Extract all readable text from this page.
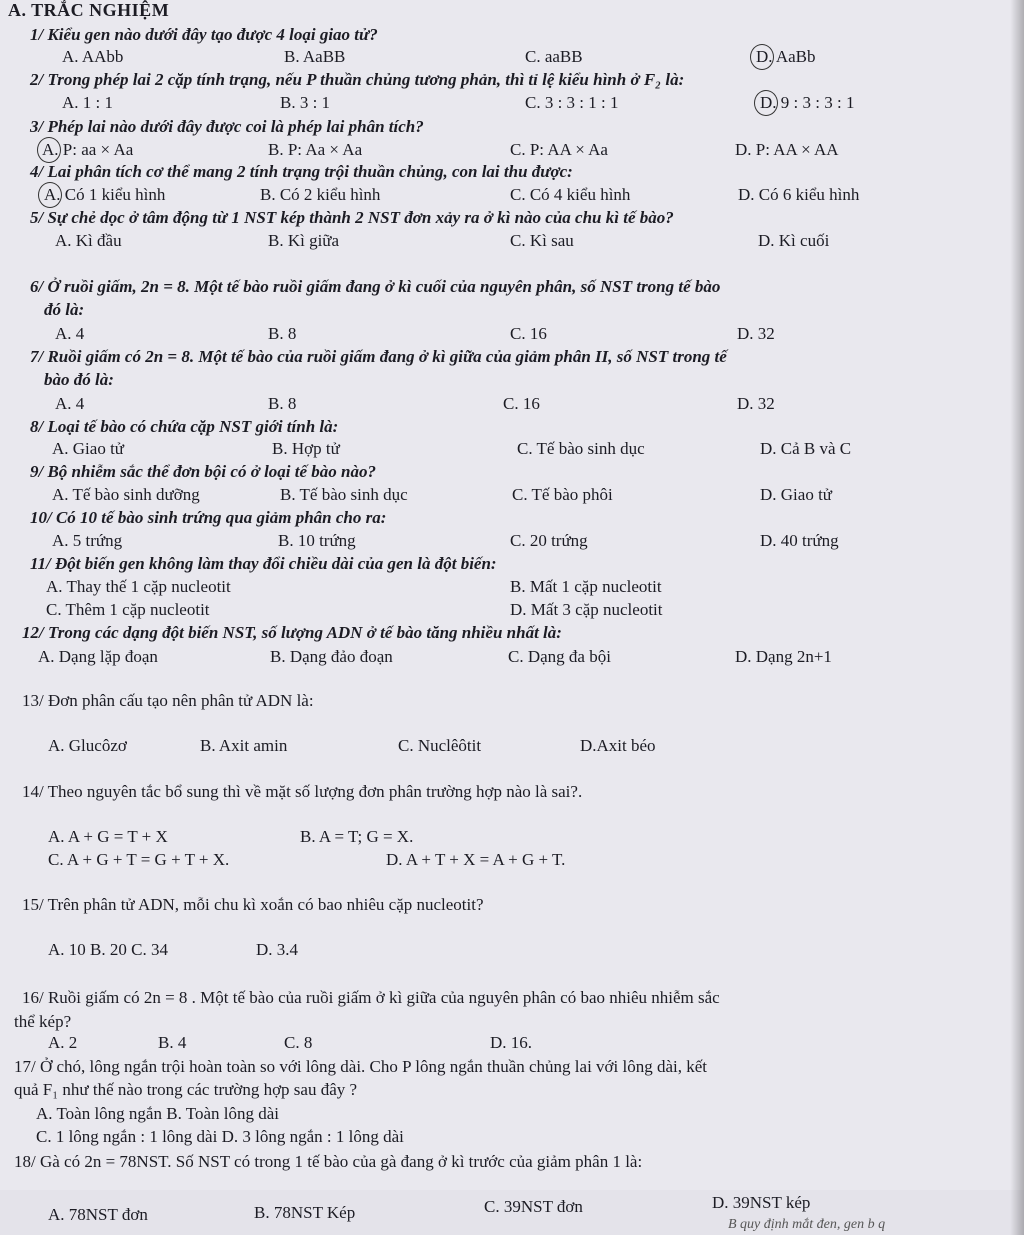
A. TRẮC NGHIỆM
1/ Kiểu gen nào dưới đây tạo được 4 loại giao tử?
A. AAbb	B. AaBB	C. aaBB	D. AaBb
2/ Trong phép lai 2 cặp tính trạng, nếu P thuần chủng tương phản, thì tỉ lệ kiểu hình ở F₂ là:
A. 1 : 1	B. 3 : 1	C. 3 : 3 : 1 : 1	D. 9 : 3 : 3 : 1
3/ Phép lai nào dưới đây được coi là phép lai phân tích?
A. P: aa × Aa	B. P: Aa × Aa	C. P: AA × Aa	D. P: AA × AA
4/ Lai phân tích cơ thể mang 2 tính trạng trội thuần chủng, con lai thu được:
A. Có 1 kiểu hình	B. Có 2 kiểu hình	C. Có 4 kiểu hình	D. Có 6 kiểu hình
5/ Sự chẻ dọc ở tâm động từ 1 NST kép thành 2 NST đơn xảy ra ở kì nào của chu kì tế bào?
A. Kì đầu	B. Kì giữa	C. Kì sau	D. Kì cuối
6/ Ở ruồi giấm, 2n = 8. Một tế bào ruồi giấm đang ở kì cuối của nguyên phân, số NST trong tế bào
đó là:
A. 4	B. 8	C. 16	D. 32
7/ Ruồi giấm có 2n = 8. Một tế bào của ruồi giấm đang ở kì giữa của giảm phân II, số NST trong tế
bào đó là:
A. 4	B. 8	C. 16	D. 32
8/ Loại tế bào có chứa cặp NST giới tính là:
A. Giao tử	B. Hợp tử	C. Tế bào sinh dục	D. Cả B và C
9/ Bộ nhiễm sắc thể đơn bội có ở loại tế bào nào?
A. Tế bào sinh dưỡng	B. Tế bào sinh dục	C. Tế bào phôi	D. Giao tử
10/ Có 10 tế bào sinh trứng qua giảm phân cho ra:
A. 5 trứng	B. 10 trứng	C. 20 trứng	D. 40 trứng
11/ Đột biến gen không làm thay đổi chiều dài của gen là đột biến:
A. Thay thế 1 cặp nucleotit	B. Mất 1 cặp nucleotit
C. Thêm 1 cặp nucleotit	D. Mất 3 cặp nucleotit
12/ Trong các dạng đột biến NST, số lượng ADN ở tế bào tăng nhiều nhất là:
A. Dạng lặp đoạn	B. Dạng đảo đoạn	C. Dạng đa bội	D. Dạng 2n+1
13/ Đơn phân cấu tạo nên phân tử ADN là:
A. Glucôzơ	B. Axit amin	C. Nuclêôtit	D.Axit béo
14/ Theo nguyên tắc bổ sung thì về mặt số lượng đơn phân trường hợp nào là sai?.
A. A + G = T + X	B. A = T; G = X.
C. A + G + T = G + T + X.	D. A + T + X = A + G + T.
15/ Trên phân tử ADN, mỗi chu kì xoắn có bao nhiêu cặp nucleotit?
A. 10 B. 20 C. 34	D. 3.4
16/ Ruồi giấm có 2n = 8 . Một tế bào của ruồi giấm ở kì giữa của nguyên phân có bao nhiêu nhiễm sắc
thể kép?
A. 2	B. 4	C. 8	D. 16.
17/ Ở chó, lông ngắn trội hoàn toàn so với lông dài. Cho P lông ngắn thuần chủng lai với lông dài, kết
quả F₁ như thế nào trong các trường hợp sau đây ?
A. Toàn lông ngắn B. Toàn lông dài
C. 1 lông ngắn : 1 lông dài D. 3 lông ngắn : 1 lông dài
18/ Gà có 2n = 78NST. Số NST có trong 1 tế bào của gà đang ở kì trước của giảm phân 1 là:
A. 78NST đơn	B. 78NST Kép	C. 39NST đơn	D. 39NST kép
B quy định mắt đen, gen b q
